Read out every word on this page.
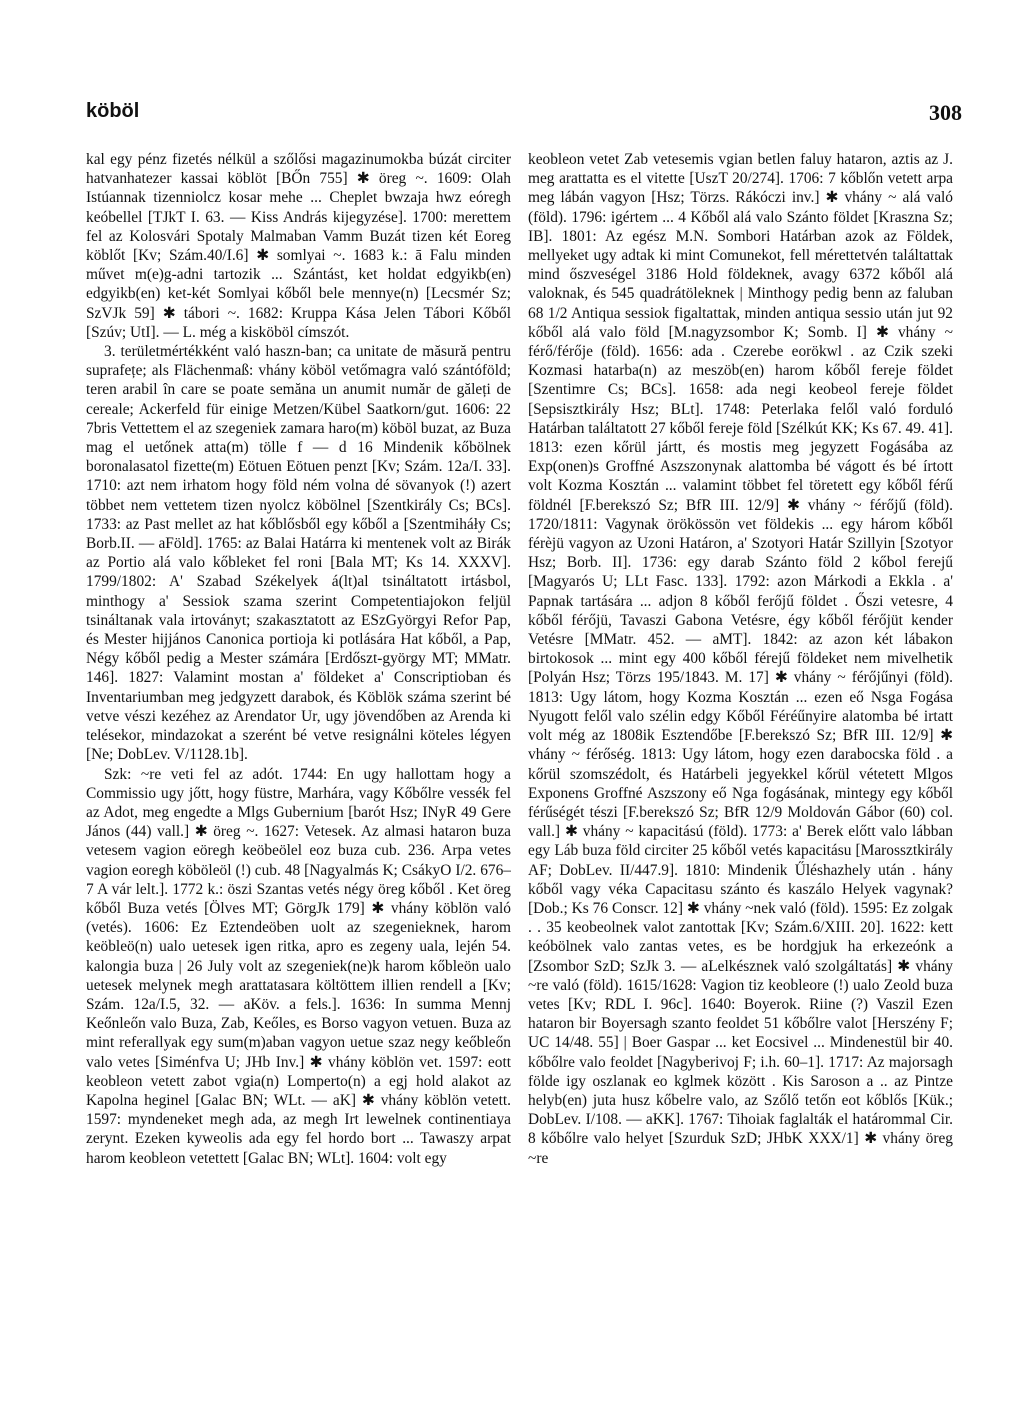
köböl	308

kal egy pénz fizetés nélkül a szőlősi magazinumokba búzát circiter hatvanhatezer kassai köblöt [BŐn 755] ✱ öreg ~. 1609: Olah Istúannak tizenniolcz kosar mehe ... Cheplet bwzaja hwz eóregh keóbellel [TJkT I. 63. — Kiss András kijegyzése]. 1700: merettem fel az Kolosvári Spotaly Malmaban Vamm Buzát tizen két Eoreg köblőt [Kv; Szám.40/I.6] ✱ somlyai ~. 1683 k.: ā Falu minden művet m(e)g-adni tartozik ... Szántást, ket holdat edgyikb(en) edgyikb(en) ket-két Somlyai kőből bele mennye(n) [Lecsmér Sz; SzVJk 59] ✱ tábori ~. 1682: Kruppa Kása Jelen Tábori Kőből [Szúv; UtI]. — L. még a kisköböl címszót.

3. területmértékként való haszn-ban; ca unitate de măsură pentru suprafețe; als Flächenmaß: vhány köböl vetőmagra való szántóföld; teren arabil în care se poate semăna un anumit număr de găleți de cereale; Ackerfeld für einige Metzen/Kübel Saatkorn/gut. 1606: 22 7bris Vettettem el az szegeniek zamara haro(m) köböl buzat, az Buza mag el uetőnek atta(m) tölle f — d 16 Mindenik kőbölnek boronalasatol fizette(m) Eötuen Eötuen penzt [Kv; Szám. 12a/I. 33]. 1710: azt nem irhatom hogy föld ném volna dé sövanyok (!) azert többet nem vettetem tizen nyolcz köbölnel [Szentkirály Cs; BCs]. 1733: az Past mellet az hat kőblősből egy kőből a [Szentmiháły Cs; Borb.II. — aFöld]. 1765: az Balai Határra ki mentenek volt az Birák az Portio alá valo kőbleket fel roni [Bala MT; Ks 14. XXXV]. 1799/1802: A' Szabad Székelyek á(lt)al tsináltatott irtásbol, minthogy a' Sessiok szama szerint Competentiajokon feljül tsináltanak vala irtoványt; szakasztatott az ESzGyörgyi Refor Pap, és Mester hijjános Canonica portioja ki potlására Hat kőből, a Pap, Négy kőből pedig a Mester számára [Erdőszt-györgy MT; MMatr. 146]. 1827: Valamint mostan a' földeket a' Conscriptioban és Inventariumban meg jedgyzett darabok, és Köblök száma szerint bé vetve vészi kezéhez az Arendator Ur, ugy jövendőben az Arenda ki telésekor, mindazokat a szerént bé vetve resignálni köteles légyen [Ne; DobLev. V/1128.1b].

Szk: ~re veti fel az adót. 1744: En ugy hallottam hogy a Commissio ugy jőtt, hogy füstre, Marhára, vagy Kőbőlre vessék fel az Adot, meg engedte a Mlgs Gubernium [barót Hsz; INyR 49 Gere János (44) vall.] ✱ öreg ~. 1627: Vetesek. Az almasi hataron buza vetesem vagion eöregh keöbeölel eoz buza cub. 236. Arpa vetes vagion eoregh köböleöl (!) cub. 48 [Nagyalmás K; CsákyO I/2. 676–7 A vár lelt.]. 1772 k.: öszi Szantas vetés négy öreg kőből . Ket öreg kőből Buza vetés [Ölves MT; GörgJk 179] ✱ vhány köblön való (vetés). 1606: Ez Eztendeöben uolt az szegenieknek, harom keöbleö(n) ualo uetesek igen ritka, apro es zegeny uala, lején 54. kalongia buza | 26 July ​volt az szegeniek(ne)k harom kőbleön ualo uetesek melynek megh arattatasara költöttem illien rendell a [Kv; Szám. 12a/I.5, 32. — aKöv. a fels.]. 1636: In summa Mennj Keőnleőn valo Buza, Zab, Keőles, es Borso vagyon vetuen. Buza az mint referallyak egy sum(m)aban vagyon uetue szaz negy keőbleőn valo vetes [Siménfva U; JHb Inv.] ✱ vhány köblön vet. 1597: eott keobleon vetett zabot vgia(n) Lomperto(n) a egj hold alakot az Kapolna heginel [Galac BN; WLt. — aK] ✱ vhány köblön vetett. 1597: myndeneket megh ada, az megh Irt lewelnek continentiaya zerynt. Ezeken kyweolis ada egy fel hordo bort ... Tawaszy arpat harom keobleon vetettett [Galac BN; WLt]. 1604: volt egy

keobleon vetet Zab vetesemis vgian betlen faluy hataron, aztis az J. meg arattatta es el vitette [UszT 20/274]. 1706: 7 kőblőn vetett arpa meg lábán vagyon [Hsz; Törzs. Rákóczi inv.] ✱ vhány ~ alá való (föld). 1796: igértem ... 4 Kőből alá valo Szánto földet [Kraszna Sz; IB]. 1801: Az egész M.N. Sombori Határban azok az Földek, mellyeket ugy adtak ki mint Comunekot, fell mérettetvén találtattak mind őszveségel 3186 Hold földeknek, avagy 6372 kőből alá valoknak, és 545 quadrátöleknek | Minthogy pedig benn az faluban 68 1/2 Antiqua sessiok figaltattak, minden antiqua sessio után jut 92 kőből alá valo föld [M.nagyzsombor K; Somb. I] ✱ vhány ~ férő/férője (föld). 1656: ada . Czerebe eorökwl . az Czik szeki Kozmasi hatarba(n) az meszöb(en) harom kőből fereje földet [Szentimre Cs; BCs]. 1658: ada negi keobeol fereje földet [Sepsisztkirály Hsz; BLt]. 1748: Peterlaka felől való forduló Határban találtatott 27 kőből fereje föld [Szélkút KK; Ks 67. 49. 41]. 1813: ezen kőrül jártt, és mostis meg jegyzett Fogásába az Exp(onen)s Groffné Aszszonynak alattomba bé vágott és bé írtott volt Kozma Kosztán ... valamint többet fel töretett egy kőből férű földnél [F.berekszó Sz; BfR III. 12/9] ✱ vhány ~ férőjű (föld). 1720/1811: Vagynak örökössön vet földekis ... egy három kőből férèjü vagyon az Uzoni Határon, a' Szotyori Határ Szillyin [Szotyor Hsz; Borb. II]. 1736: egy darab Szánto föld 2 kőbol ferejű [Magyarós U; LLt Fasc. 133]. 1792: azon Márkodi a Ekkla . a' Papnak tartására ... adjon 8 kőből ferőjű földet . Őszi vetesre, 4 kőből férőjü, Tavaszi Gabona Vetésre, égy kőből férőjüt kender Vetésre [MMatr. 452. — aMT]. 1842: az azon két lábakon birtokosok ... mint egy 400 kőből férejű földeket nem mivelhetik [Polyán Hsz; Törzs 195/1843. M. 17] ✱ vhány ~ férőjűnyi (föld). 1813: Ugy látom, hogy Kozma Kosztán ... ezen eő Nsga Fogása Nyugott felől valo szélin edgy Kőből Féréűnyire alatomba bé irtatt volt még az 1808ik Esztendőbe [F.berekszó Sz; BfR III. 12/9] ✱ vhány ~ férőség. 1813: Ugy látom, hogy ezen darabocska föld . a kőrül szomszédolt, és Határbeli jegyekkel kőrül vétetett Mlgos Exponens Groffné Aszszony eő Nga fogásának, mintegy egy kőből férűségét tészi [F.berekszó Sz; BfR 12/9 Moldován Gábor (60) col. vall.] ✱ vhány ~ kapacitású (föld). 1773: a' Berek előtt valo lábban egy Láb buza föld circiter 25 kőből vetés kapacitásu [Marossztkirály AF; DobLev. II/447.9]. 1810: Mindenik Űléshazhely után . hány kőből vagy véka Capacitasu szánto és kaszálo Helyek vagynak? [Dob.; Ks 76 Conscr. 12] ✱ vhány ~nek való (föld). 1595: Ez zolgak . . 35 keobeolnek valot zantottak [Kv; Szám.6/XIII. 20]. 1622: kett keóbölnek valo zantas vetes, es be hordgjuk ha erkezeónk a [Zsombor SzD; SzJk 3. — aLelkésznek való szolgáltatás] ✱ vhány ~re való (föld). 1615/1628: Vagion tiz keobleore (!) ualo Zeold buza vetes [Kv; RDL I. 96c]. 1640: Boyerok. Riine (?) Vaszil Ezen hataron bir Boyersagh szanto feoldet 51 kőbőlre valot [Herszény F; UC 14/48. 55] | Boer Gaspar ... ket Eocsivel ... Mindenestül bir 40. kőbőlre valo feoldet [Nagyberivoj F; i.h. 60–1]. 1717: Az majorsagh földe igy oszlanak eo kglmek között . Kis Saroson a .. az Pintze helyb(en) juta husz kőbelre valo, az Szőlő tetőn eot kőblős [Kük.; DobLev. I/108. — aKK]. 1767: Tihoiak faglalták el határommal Cir. 8 kőbőlre valo helyet [Szurduk SzD; JHbK XXX/1] ✱ vhány öreg ~re
